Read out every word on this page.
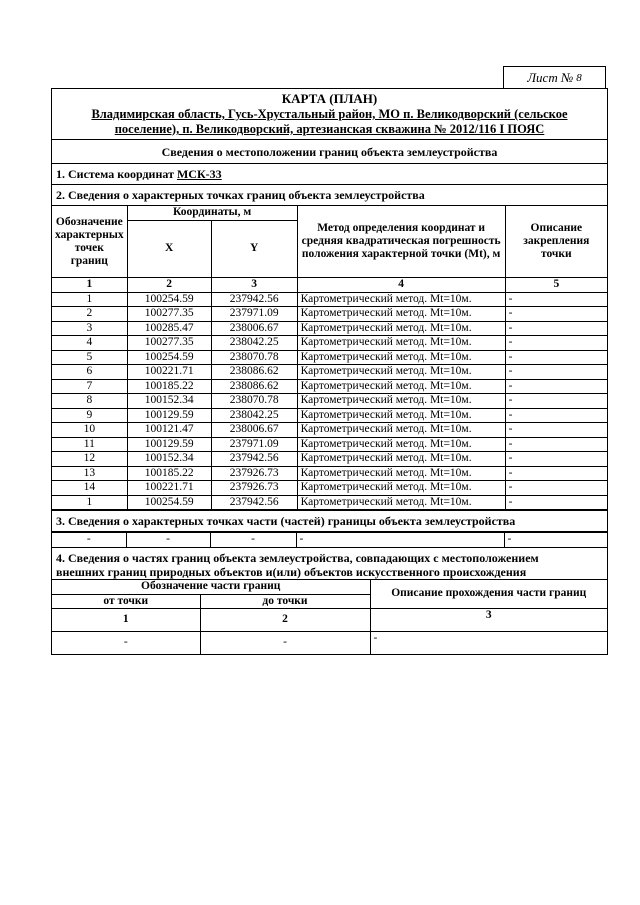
Лист № 8
КАРТА (ПЛАН)
Владимирская область, Гусь-Хрустальный район, МО п. Великодворский (сельское
поселение), п. Великодворский, артезианская скважина № 2012/116 I ПОЯС
Сведения о местоположении границ объекта землеустройства
1. Система координат МСК-33
2. Сведения о характерных точках границ объекта землеустройства
Обозначение характерных точек границ	Координаты, м		Метод определения координат и средняя квадратическая погрешность положения характерной точки (Мt), м	Описание закрепления точки
	X	Y		
1	2	3	4	5
1	100254.59	237942.56	Картометрический метод. Mt=10м.	-
2	100277.35	237971.09	Картометрический метод. Mt=10м.	-
3	100285.47	238006.67	Картометрический метод. Mt=10м.	-
4	100277.35	238042.25	Картометрический метод. Mt=10м.	-
5	100254.59	238070.78	Картометрический метод. Mt=10м.	-
6	100221.71	238086.62	Картометрический метод. Mt=10м.	-
7	100185.22	238086.62	Картометрический метод. Mt=10м.	-
8	100152.34	238070.78	Картометрический метод. Mt=10м.	-
9	100129.59	238042.25	Картометрический метод. Mt=10м.	-
10	100121.47	238006.67	Картометрический метод. Mt=10м.	-
11	100129.59	237971.09	Картометрический метод. Mt=10м.	-
12	100152.34	237942.56	Картометрический метод. Mt=10м.	-
13	100185.22	237926.73	Картометрический метод. Mt=10м.	-
14	100221.71	237926.73	Картометрический метод. Mt=10м.	-
1	100254.59	237942.56	Картометрический метод. Mt=10м.	-
3. Сведения о характерных точках части (частей) границы объекта землеустройства
-	-	-	-	-
4. Сведения о частях границ объекта землеустройства, совпадающих с местоположением
внешних границ природных объектов и(или) объектов искусственного происхождения
Обозначение части границ		Описание прохождения части границ
от точки	до точки	
1	2	3
-	-	-
